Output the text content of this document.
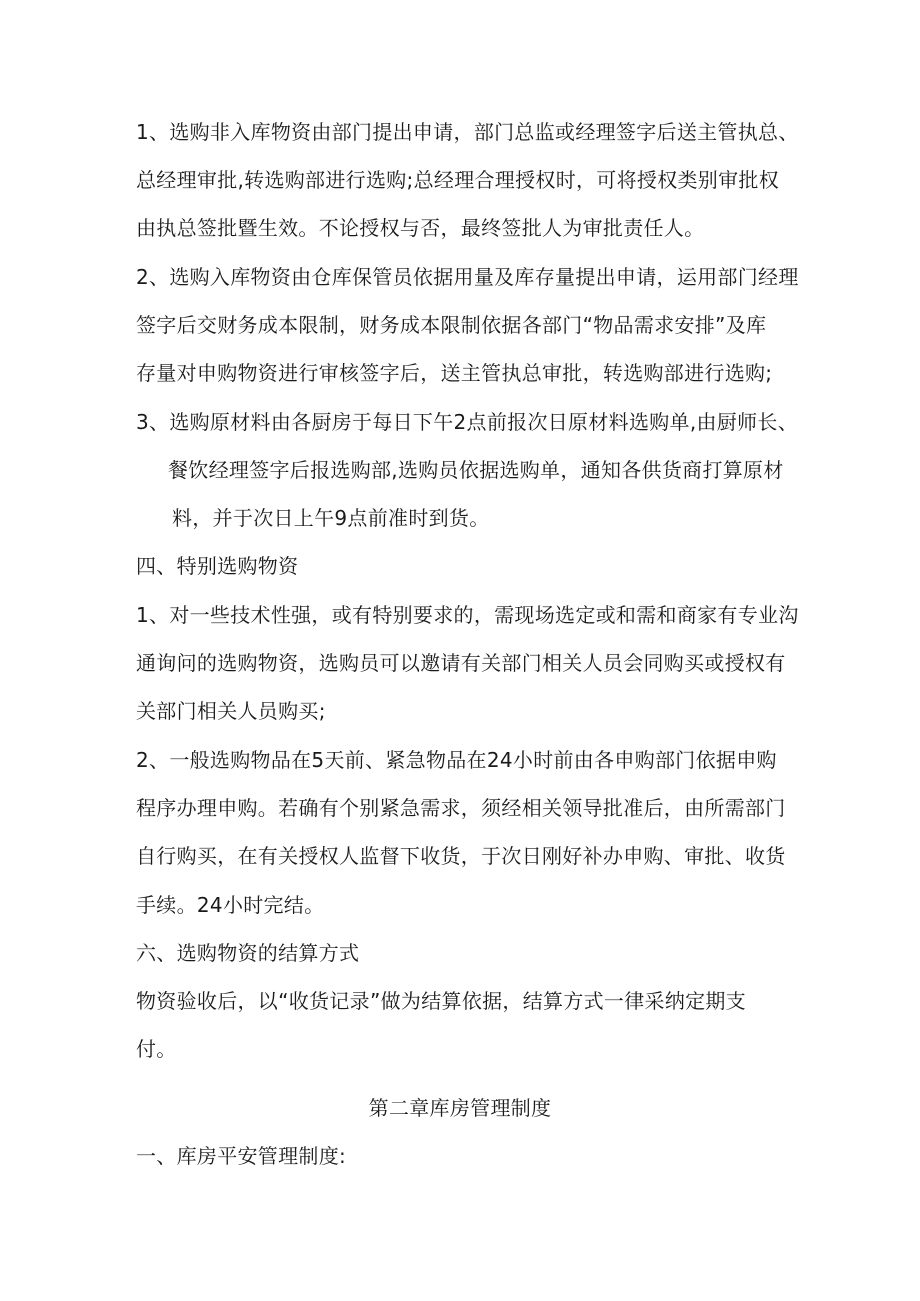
1、选购非入库物资由部门提出申请，部门总监或经理签字后送主管执总、
总经理审批,转选购部进行选购;总经理合理授权时，可将授权类别审批权
由执总签批暨生效。不论授权与否，最终签批人为审批责任人。
2、选购入库物资由仓库保管员依据用量及库存量提出申请，运用部门经理
签字后交财务成本限制，财务成本限制依据各部门“物品需求安排”及库
存量对申购物资进行审核签字后，送主管执总审批，转选购部进行选购;
3、选购原材料由各厨房于每日下午2点前报次日原材料选购单,由厨师长、
餐饮经理签字后报选购部,选购员依据选购单，通知各供货商打算原材
料，并于次日上午9点前准时到货。
四、特别选购物资
1、对一些技术性强，或有特别要求的，需现场选定或和需和商家有专业沟
通询问的选购物资，选购员可以邀请有关部门相关人员会同购买或授权有
关部门相关人员购买;
2、一般选购物品在5天前、紧急物品在24小时前由各申购部门依据申购
程序办理申购。若确有个别紧急需求，须经相关领导批准后，由所需部门
自行购买，在有关授权人监督下收货，于次日刚好补办申购、审批、收货
手续。24小时完结。
六、选购物资的结算方式
物资验收后，以“收货记录”做为结算依据，结算方式一律采纳定期支
付。
第二章库房管理制度
一、库房平安管理制度:
